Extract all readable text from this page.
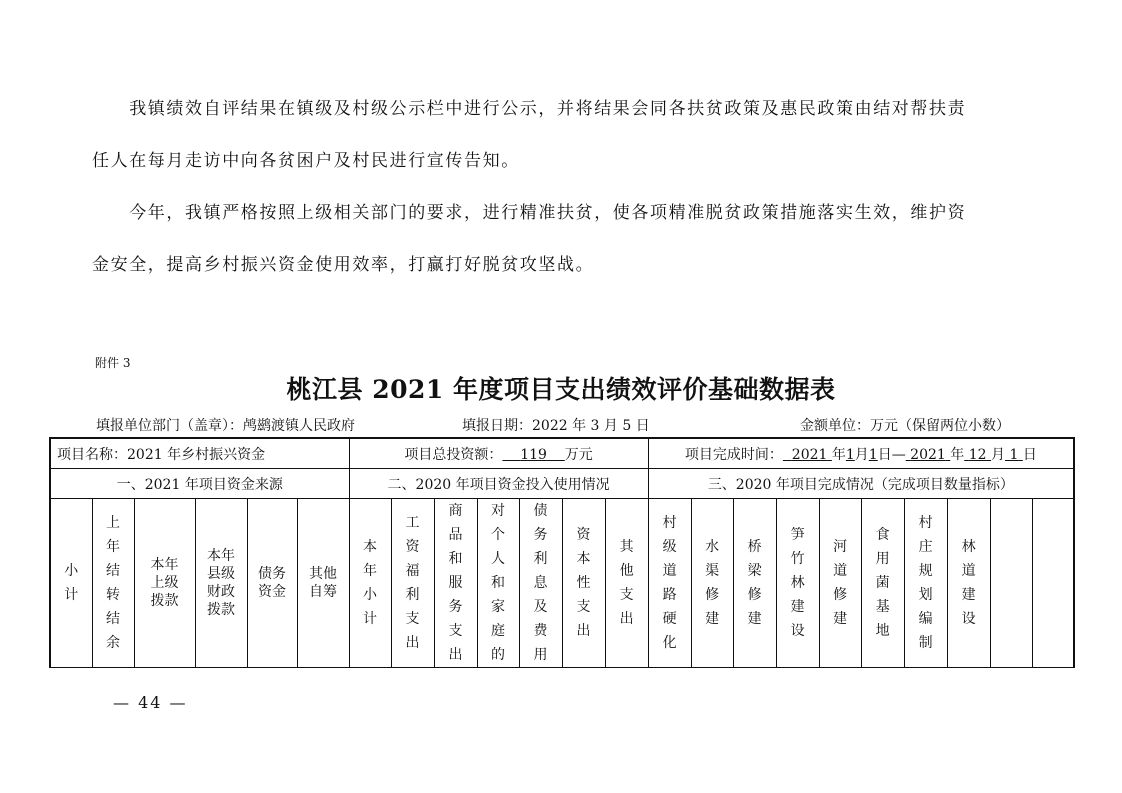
　　我镇绩效自评结果在镇级及村级公示栏中进行公示，并将结果会同各扶贫政策及惠民政策由结对帮扶责

任人在每月走访中向各贫困户及村民进行宣传告知。

　　今年，我镇严格按照上级相关部门的要求，进行精准扶贫，使各项精准脱贫政策措施落实生效，维护资

金安全，提高乡村振兴资金使用效率，打赢打好脱贫攻坚战。

附件 3
桃江县 2021 年度项目支出绩效评价基础数据表
填报单位部门（盖章）：鸬鹚渡镇人民政府	填报日期：2022 年 3 月 5 日	金额单位：万元（保留两位小数）
项目名称：2021 年乡村振兴资金						项目总投资额： 119 万元							项目完成时间： 2021 年1月1日— 2021 年 12 月 1 日									
一、2021 年项目资金来源						二、2020 年项目资金投入使用情况							三、2020 年项目完成情况（完成项目数量指标）									
小计	上年结转结余	本年上级拨款	本年县级财政拨款	债务资金	其他自筹	本年小计	工资福利支出	商品和服务支出	对个人和家庭的	债务利息及费用	资本性支出	其他支出	村级道路硬化	水渠修建	桥梁修建	笋竹林建设	河道修建	食用菌基地	村庄规划编制	林道建设		
— 44 —
